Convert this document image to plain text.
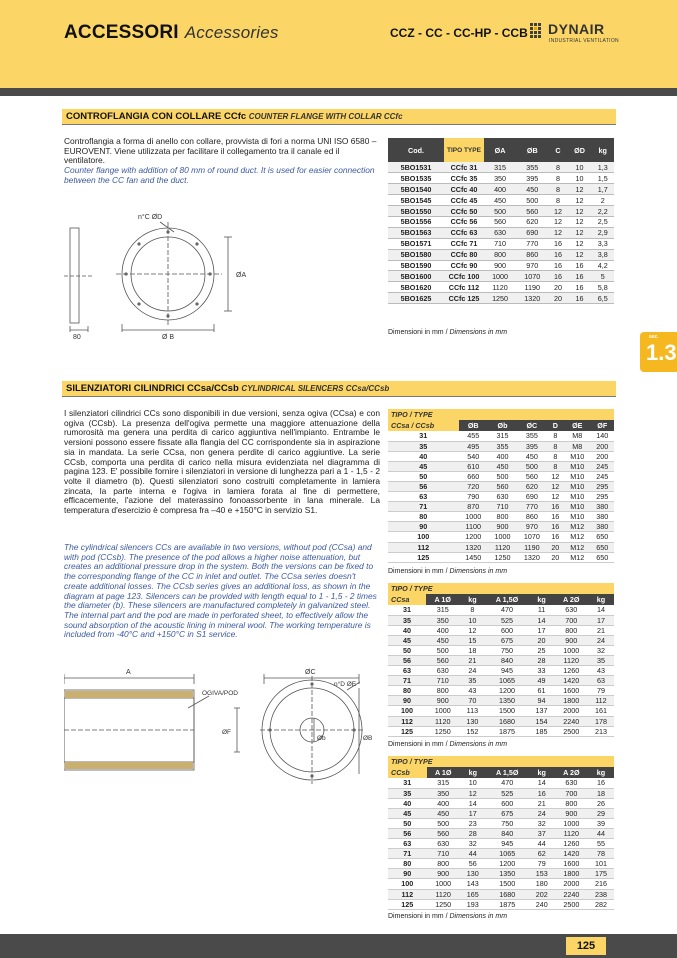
ACCESSORI Accessories	CCZ - CC - CC-HP - CCB DYNAIR
INDUSTRIAL VENTILATION
CONTROFLANGIA CON COLLARE CCfc COUNTER FLANGE WITH COLLAR CCfc
Controflangia a forma di anello con collare, provvista di fori a norma UNI ISO 6580 – EUROVENT. Viene utilizzata per facilitare il collegamento tra il canale ed il ventilatore.
Counter flange with addition of 80 mm of round duct. It is used for easier connection between the CC fan and the duct.
n°C ØD
ØA
Ø B
80
Cod.	TIPO TYPE	ØA	ØB	C	ØD	kg
5BO1531	CCfc 31	315	355	8	10	1,3
5BO1535	CCfc 35	350	395	8	10	1,5
5BO1540	CCfc 40	400	450	8	12	1,7
5BO1545	CCfc 45	450	500	8	12	2
5BO1550	CCfc 50	500	560	12	12	2,2
5BO1556	CCfc 56	560	620	12	12	2,5
5BO1563	CCfc 63	630	690	12	12	2,9
5BO1571	CCfc 71	710	770	16	12	3,3
5BO1580	CCfc 80	800	860	16	12	3,8
5BO1590	CCfc 90	900	970	16	16	4,2
5BO1600	CCfc 100	1000	1070	16	16	5
5BO1620	CCfc 112	1120	1190	20	16	5,8
5BO1625	CCfc 125	1250	1320	20	16	6,5
Dimensioni in mm / Dimensions in mm
sez.
1.3
SILENZIATORI CILINDRICI CCsa/CCsb CYLINDRICAL SILENCERS CCsa/CCsb
I silenziatori cilindrici CCs sono disponibili in due versioni, senza ogiva (CCsa) e con ogiva (CCsb). La presenza dell'ogiva permette una maggiore attenuazione della rumorosità ma genera una perdita di carico aggiuntiva nell'impianto. Entrambe le versioni possono essere fissate alla flangia del CC corrispondente sia in aspirazione sia in mandata. La serie CCsa, non genera perdite di carico aggiuntive. La serie CCsb, comporta una perdita di carico nella misura evidenziata nel diagramma di pagina 123. E' possibile fornire i silenziatori in versione di lunghezza pari a 1 - 1,5 - 2 volte il diametro (b). Questi silenziatori sono costruiti completamente in lamiera zincata, la parte interna e l'ogiva in lamiera forata al fine di permettere, efficacemente, l'azione del materassino fonoassorbente in lana minerale. La temperatura d'esercizio è compresa fra –40 e +150°C in servizio S1.
The cylindrical silencers CCs are available in two versions, without pod (CCsa) and with pod (CCsb). The presence of the pod allows a higher noise attenuation, but creates an additional pressure drop in the system. Both the versions can be fixed to the corresponding flange of the CC in inlet and outlet. The CCsa series doesn't create additional losses. The CCsb series gives an additional loss, as shown in the diagram at page 123. Silencers can be provided with length equal to 1 - 1,5 - 2 times the diameter (b). These silencers are manufactured completely in galvanized steel. The internal part and the pod are made in perforated sheet, to effectively allow the sound absorption of the acoustic lining in mineral wool. The working temperature is included from -40°C and +150°C in S1 service.
A	ØC
OGIVA/POD
n°D ØE
ØF
Øb	ØB
TIPO / TYPE						
CCsa / CCsb	ØB	Øb	ØC	D	ØE	ØF
31	455	315	355	8	M8	140
35	495	355	395	8	M8	200
40	540	400	450	8	M10	200
45	610	450	500	8	M10	245
50	660	500	560	12	M10	245
56	720	560	620	12	M10	295
63	790	630	690	12	M10	295
71	870	710	770	16	M10	380
80	1000	800	860	16	M10	380
90	1100	900	970	16	M12	380
100	1200	1000	1070	16	M12	650
112	1320	1120	1190	20	M12	650
125	1450	1250	1320	20	M12	650
Dimensioni in mm / Dimensions in mm
TIPO / TYPE						
CCsa	A 1Ø	kg	A 1,5Ø	kg	A 2Ø	kg
31	315	8	470	11	630	14
35	350	10	525	14	700	17
40	400	12	600	17	800	21
45	450	15	675	20	900	24
50	500	18	750	25	1000	32
56	560	21	840	28	1120	35
63	630	24	945	33	1260	43
71	710	35	1065	49	1420	63
80	800	43	1200	61	1600	79
90	900	70	1350	94	1800	112
100	1000	113	1500	137	2000	161
112	1120	130	1680	154	2240	178
125	1250	152	1875	185	2500	213
Dimensioni in mm / Dimensions in mm
TIPO / TYPE						
CCsb	A 1Ø	kg	A 1,5Ø	kg	A 2Ø	kg
31	315	10	470	14	630	16
35	350	12	525	16	700	18
40	400	14	600	21	800	26
45	450	17	675	24	900	29
50	500	23	750	32	1000	39
56	560	28	840	37	1120	44
63	630	32	945	44	1260	55
71	710	44	1065	62	1420	78
80	800	56	1200	79	1600	101
90	900	130	1350	153	1800	175
100	1000	143	1500	180	2000	216
112	1120	165	1680	202	2240	238
125	1250	193	1875	240	2500	282
Dimensioni in mm / Dimensions in mm
125
